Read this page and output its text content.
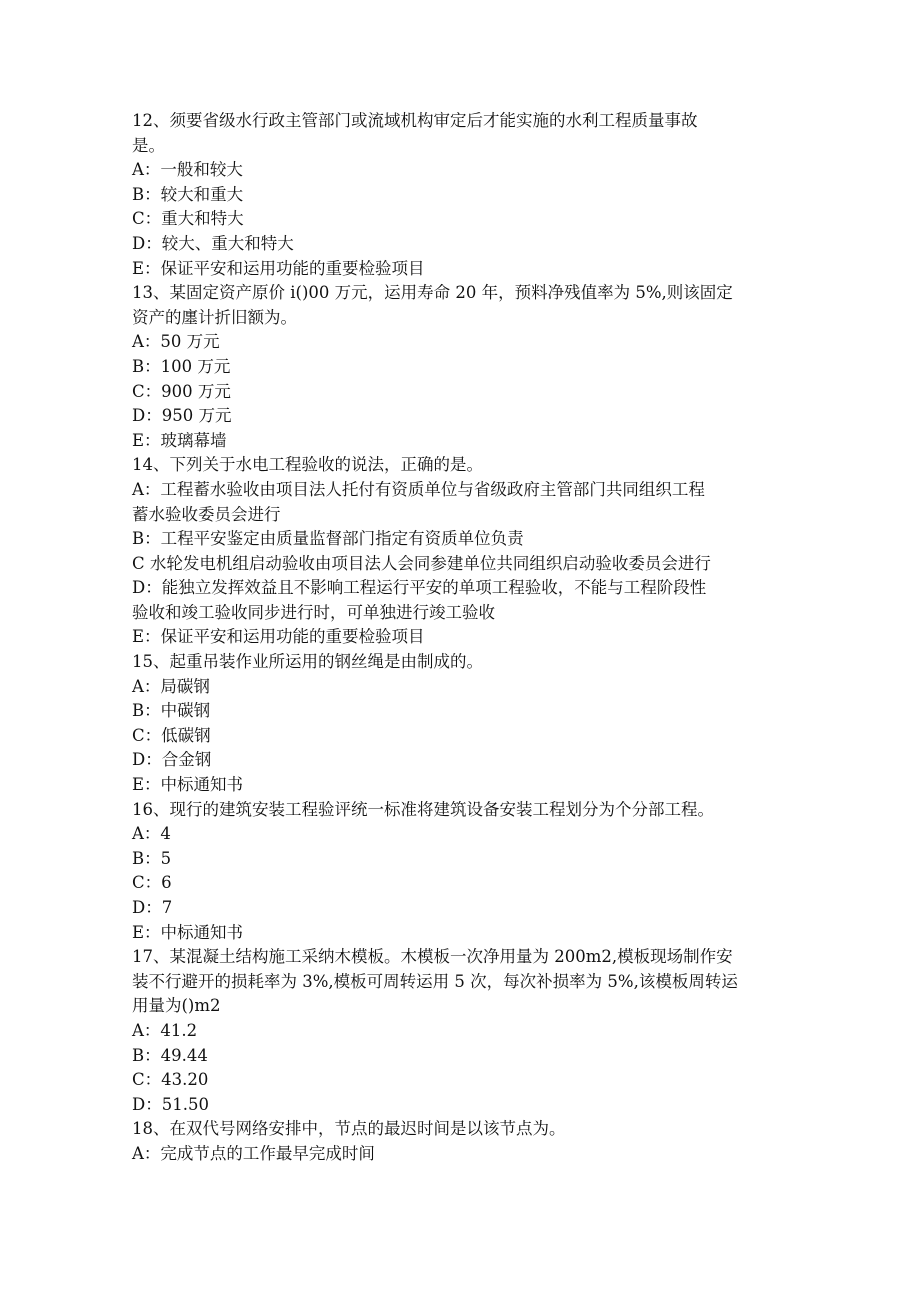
12、须要省级水行政主管部门或流域机构审定后才能实施的水利工程质量事故
是。
A：一般和较大
B：较大和重大
C：重大和特大
D：较大、重大和特大
E：保证平安和运用功能的重要检验项目
13、某固定资产原价 i()00 万元，运用寿命 20 年，预料净残值率为 5%,则该固定
资产的廛计折旧额为。
A：50 万元
B：100 万元
C：900 万元
D：950 万元
E：玻璃幕墙
14、下列关于水电工程验收的说法，正确的是。
A：工程蓄水验收由项目法人托付有资质单位与省级政府主管部门共同组织工程
蓄水验收委员会进行
B：工程平安鉴定由质量监督部门指定有资质单位负责
C 水轮发电机组启动验收由项目法人会同参建单位共同组织启动验收委员会进行
D：能独立发挥效益且不影响工程运行平安的单项工程验收，不能与工程阶段性
验收和竣工验收同步进行时，可单独进行竣工验收
E：保证平安和运用功能的重要检验项目
15、起重吊装作业所运用的钢丝绳是由制成的。
A：局碳钢
B：中碳钢
C：低碳钢
D：合金钢
E：中标通知书
16、现行的建筑安装工程验评统一标准将建筑设备安装工程划分为个分部工程。
A：4
B：5
C：6
D：7
E：中标通知书
17、某混凝土结构施工采纳木模板。木模板一次净用量为 200m2,模板现场制作安
装不行避开的损耗率为 3%,模板可周转运用 5 次，每次补损率为 5%,该模板周转运
用量为()m2
A：41.2
B：49.44
C：43.20
D：51.50
18、在双代号网络安排中，节点的最迟时间是以该节点为。
A：完成节点的工作最早完成时间
